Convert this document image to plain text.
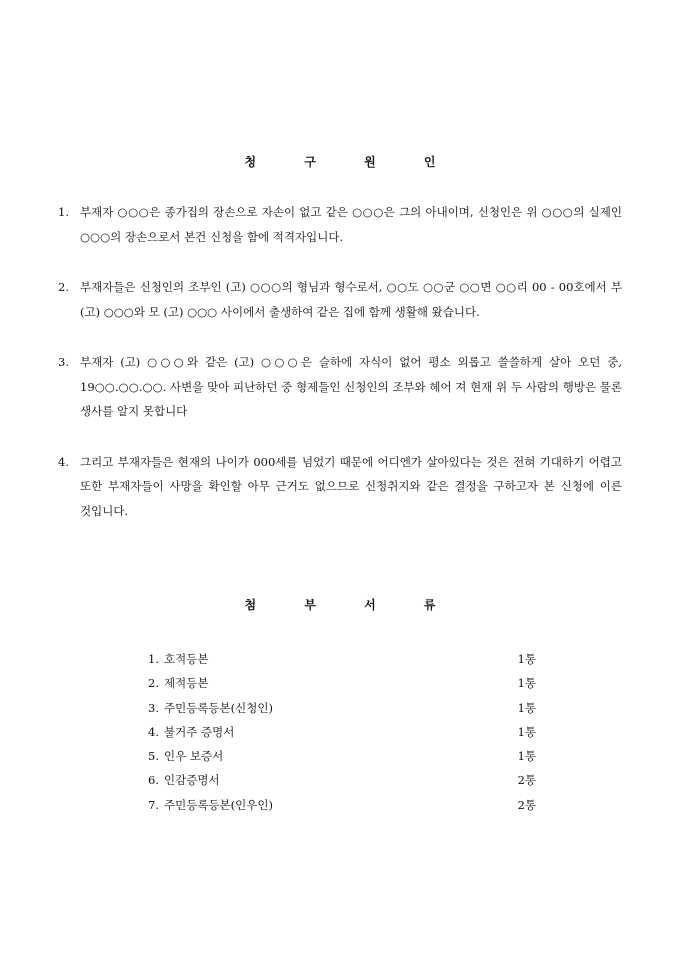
청 구 원 인
1. 부재자 ○○○은 종가집의 장손으로 자손이 없고 같은 ○○○은 그의 아내이며, 신청인은 위 ○○○의 실제인 ○○○의 장손으로서 본건 신청을 함에 적격자입니다.
2. 부재자들은 신청인의 조부인 (고) ○○○의 형님과 형수로서, ○○도 ○○군 ○○면 ○○리 00 - 00호에서 부 (고) ○○○와 모 (고) ○○○ 사이에서 출생하여 같은 집에 함께 생활해 왔습니다.
3. 부재자 (고) ○○○와 같은 (고) ○○○은 슬하에 자식이 없어 평소 외롭고 쓸쓸하게 살아 오던 중, 19○○.○○.○○. 사변을 맞아 피난하던 중 형제들인 신청인의 조부와 헤어 져 현재 위 두 사람의 행방은 물론 생사를 알지 못합니다
4. 그리고 부재자들은 현재의 나이가 000세를 넘었기 때문에 어디엔가 살아있다는 것은 전혀 기대하기 어렵고 또한 부재자들이 사망을 확인할 아무 근거도 없으므로 신청취지와 같은 결정을 구하고자 본 신청에 이른 것입니다.
첨 부 서 류
1. 호적등본	1통
2. 제적등본	1통
3. 주민등록등본(신청인)	1통
4. 불거주 증명서	1통
5. 인우 보증서	1통
6. 인감증명서	2통
7. 주민등록등본(인우인)	2통
